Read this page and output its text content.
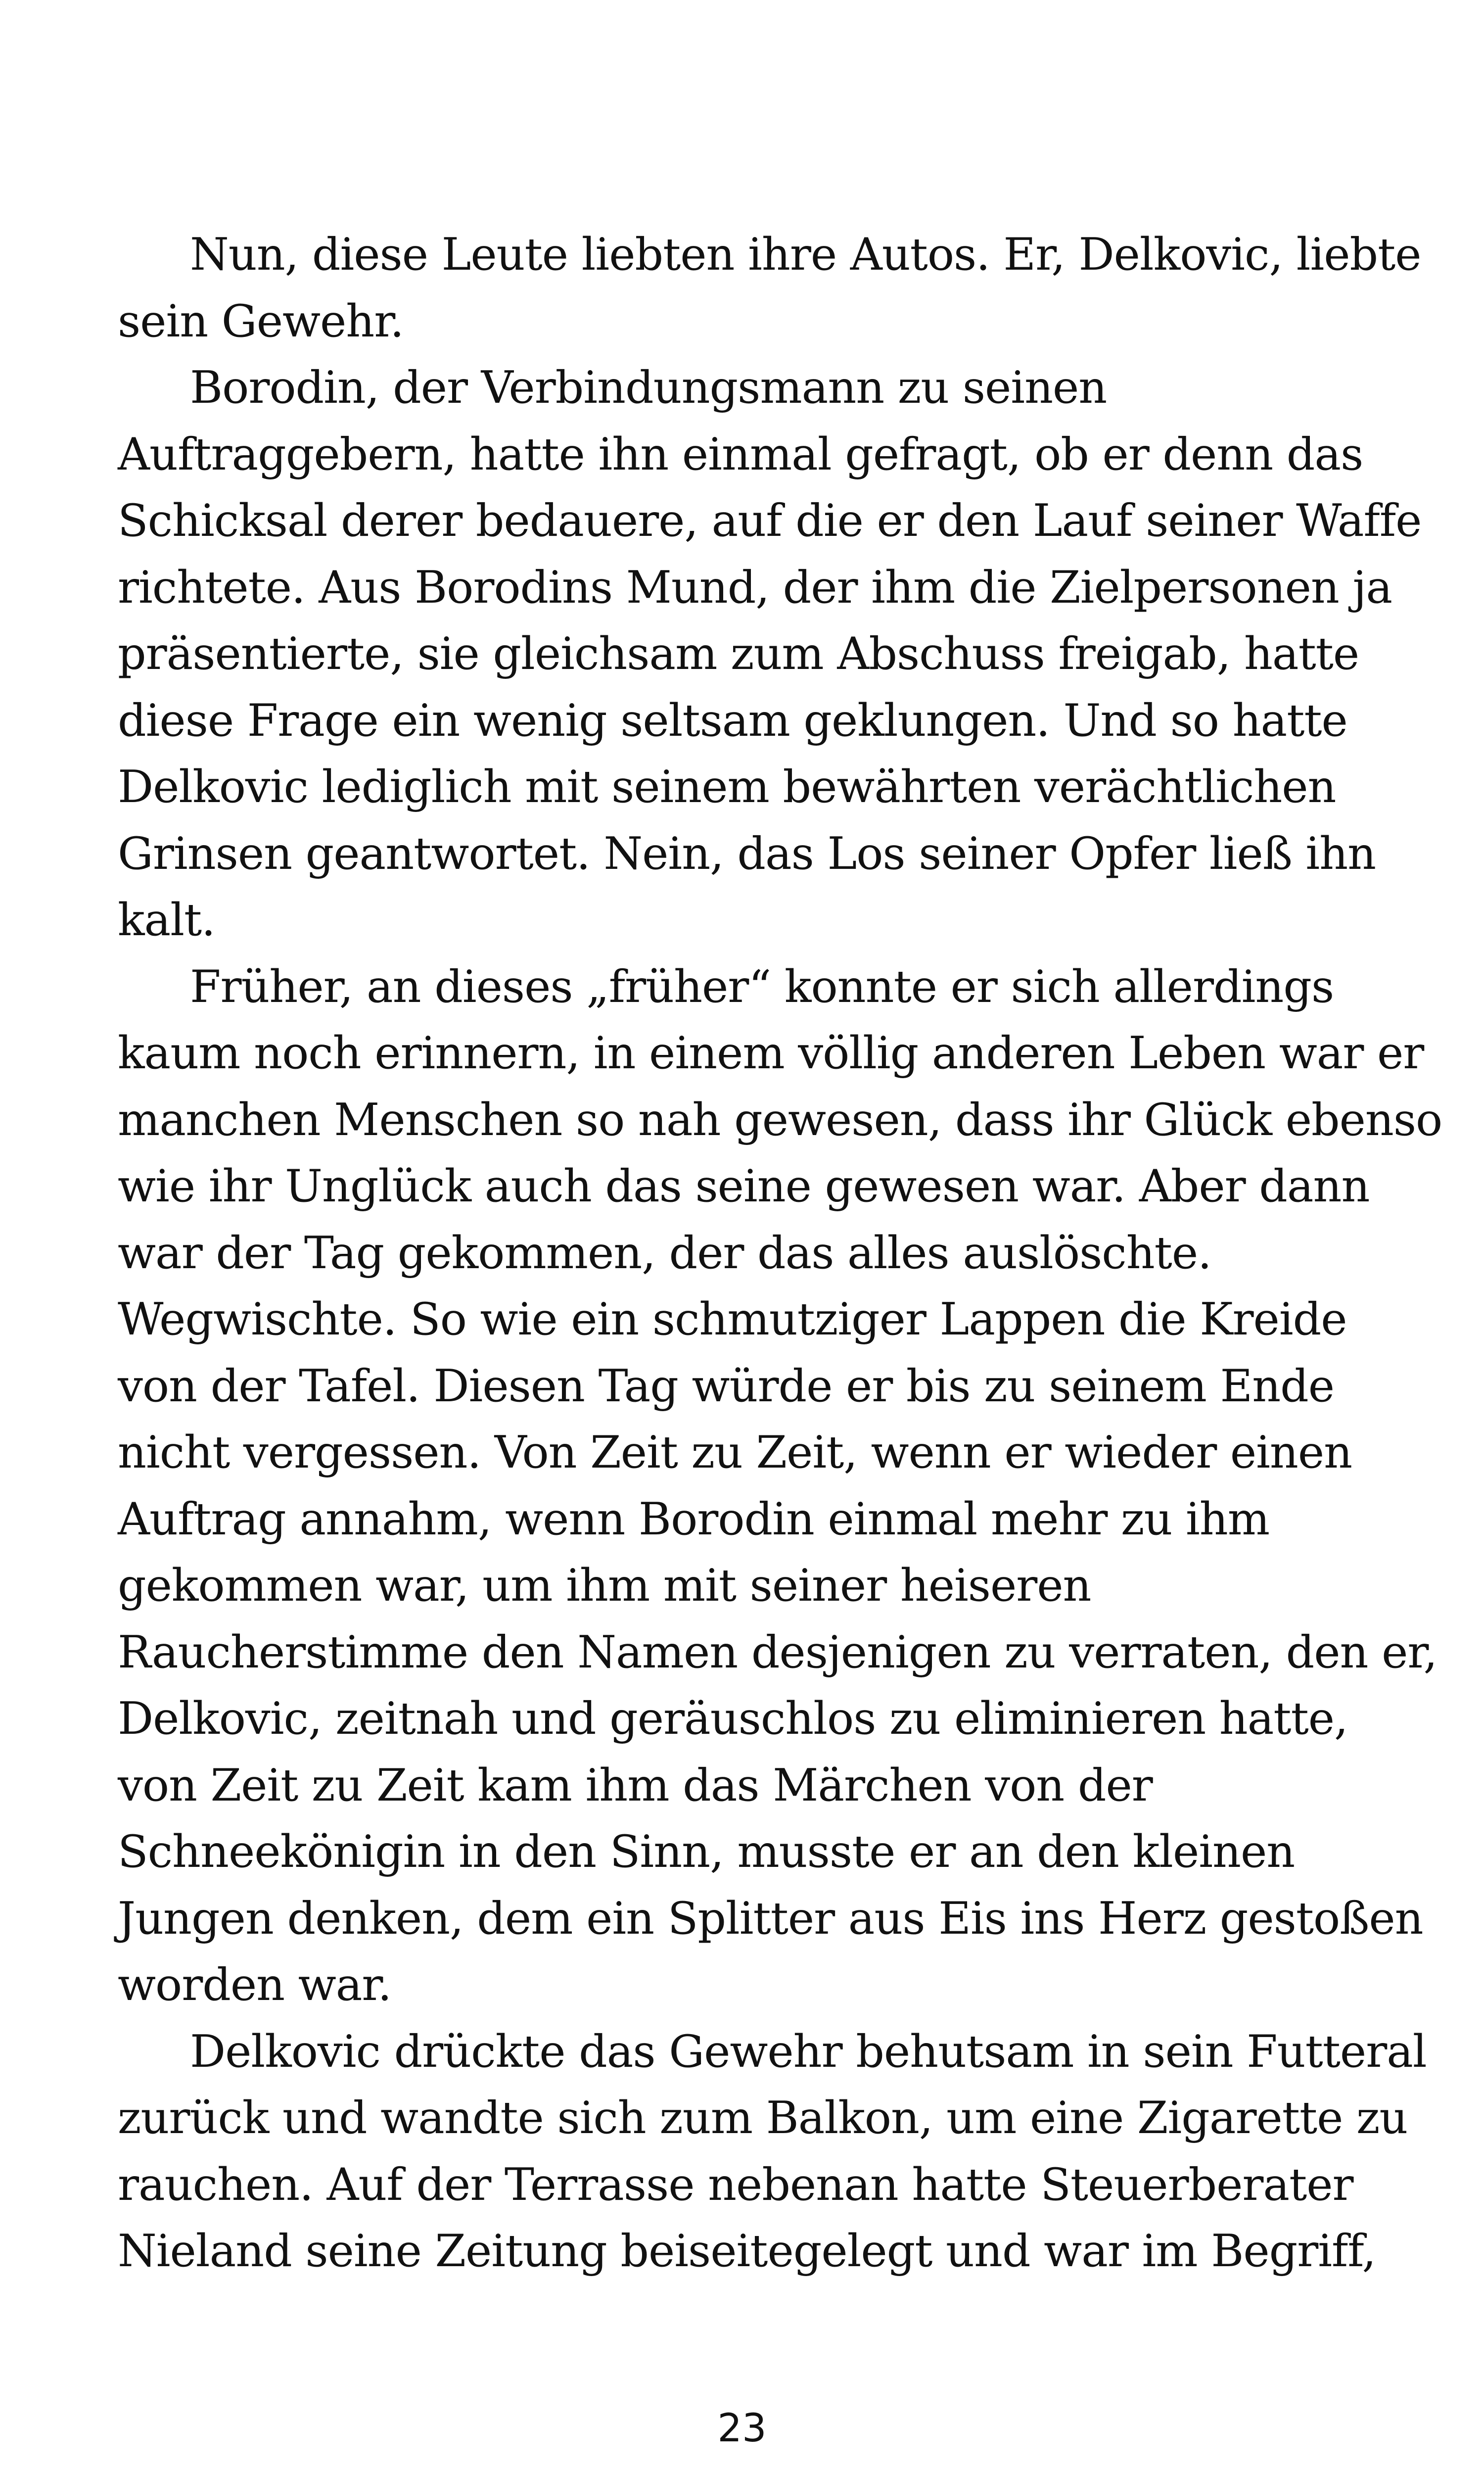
Nun, diese Leute liebten ihre Autos. Er, Delkovic, liebte
sein Gewehr.
Borodin, der Verbindungsmann zu seinen
Auftraggebern, hatte ihn einmal gefragt, ob er denn das
Schicksal derer bedauere, auf die er den Lauf seiner Waffe
richtete. Aus Borodins Mund, der ihm die Zielpersonen ja
präsentierte, sie gleichsam zum Abschuss freigab, hatte
diese Frage ein wenig seltsam geklungen. Und so hatte
Delkovic lediglich mit seinem bewährten verächtlichen
Grinsen geantwortet. Nein, das Los seiner Opfer ließ ihn
kalt.
Früher, an dieses „früher“ konnte er sich allerdings
kaum noch erinnern, in einem völlig anderen Leben war er
manchen Menschen so nah gewesen, dass ihr Glück ebenso
wie ihr Unglück auch das seine gewesen war. Aber dann
war der Tag gekommen, der das alles auslöschte.
Wegwischte. So wie ein schmutziger Lappen die Kreide
von der Tafel. Diesen Tag würde er bis zu seinem Ende
nicht vergessen. Von Zeit zu Zeit, wenn er wieder einen
Auftrag annahm, wenn Borodin einmal mehr zu ihm
gekommen war, um ihm mit seiner heiseren
Raucherstimme den Namen desjenigen zu verraten, den er,
Delkovic, zeitnah und geräuschlos zu eliminieren hatte,
von Zeit zu Zeit kam ihm das Märchen von der
Schneekönigin in den Sinn, musste er an den kleinen
Jungen denken, dem ein Splitter aus Eis ins Herz gestoßen
worden war.
Delkovic drückte das Gewehr behutsam in sein Futteral
zurück und wandte sich zum Balkon, um eine Zigarette zu
rauchen. Auf der Terrasse nebenan hatte Steuerberater
Nieland seine Zeitung beiseitegelegt und war im Begriff,
23
